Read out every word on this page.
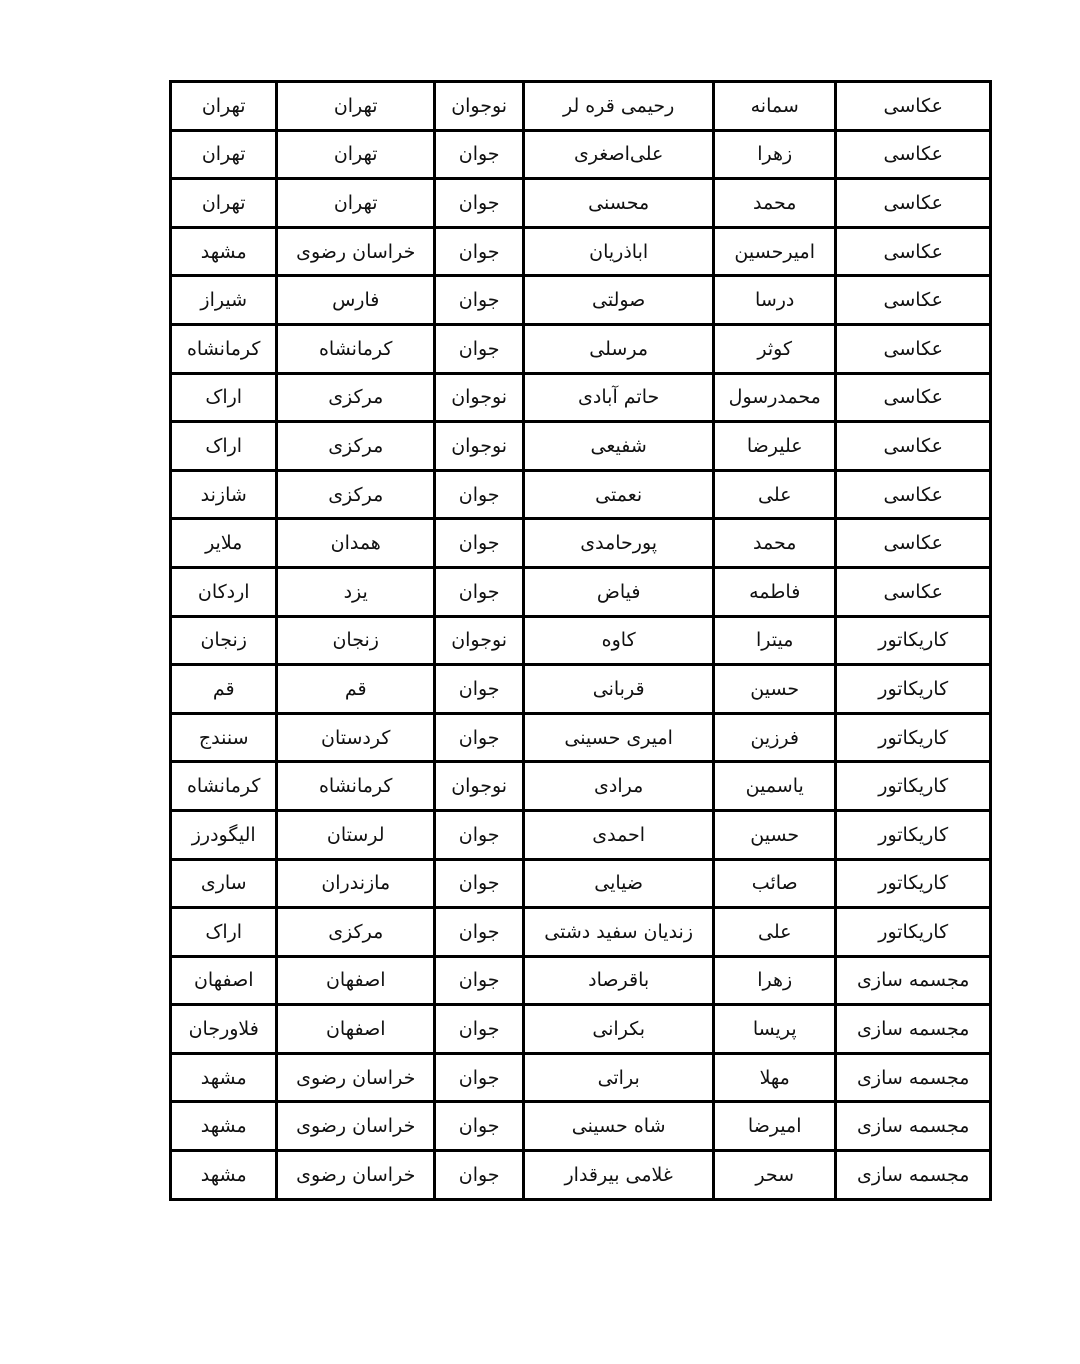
عکاسی	سمانه	رحیمی قره لر	نوجوان	تهران	تهران
عکاسی	زهرا	علی‌اصغری	جوان	تهران	تهران
عکاسی	محمد	محسنی	جوان	تهران	تهران
عکاسی	امیرحسین	اباذریان	جوان	خراسان رضوی	مشهد
عکاسی	درسا	صولتی	جوان	فارس	شیراز
عکاسی	کوثر	مرسلی	جوان	کرمانشاه	کرمانشاه
عکاسی	محمدرسول	حاتم آبادی	نوجوان	مرکزی	اراک
عکاسی	علیرضا	شفیعی	نوجوان	مرکزی	اراک
عکاسی	علی	نعمتی	جوان	مرکزی	شازند
عکاسی	محمد	پورحامدی	جوان	همدان	ملایر
عکاسی	فاطمه	فیاض	جوان	یزد	اردکان
کاریکاتور	میترا	کاوه	نوجوان	زنجان	زنجان
کاریکاتور	حسین	قربانی	جوان	قم	قم
کاریکاتور	فرزین	امیری حسینی	جوان	کردستان	سنندج
کاریکاتور	یاسمین	مرادی	نوجوان	کرمانشاه	کرمانشاه
کاریکاتور	حسین	احمدی	جوان	لرستان	الیگودرز
کاریکاتور	صائب	ضیایی	جوان	مازندران	ساری
کاریکاتور	علی	زندیان سفید دشتی	جوان	مرکزی	اراک
مجسمه سازی	زهرا	باقرصاد	جوان	اصفهان	اصفهان
مجسمه سازی	پریسا	بکرانی	جوان	اصفهان	فلاورجان
مجسمه سازی	مهلا	براتی	جوان	خراسان رضوی	مشهد
مجسمه سازی	امیرضا	شاه حسینی	جوان	خراسان رضوی	مشهد
مجسمه سازی	سحر	غلامی بیرقدار	جوان	خراسان رضوی	مشهد
